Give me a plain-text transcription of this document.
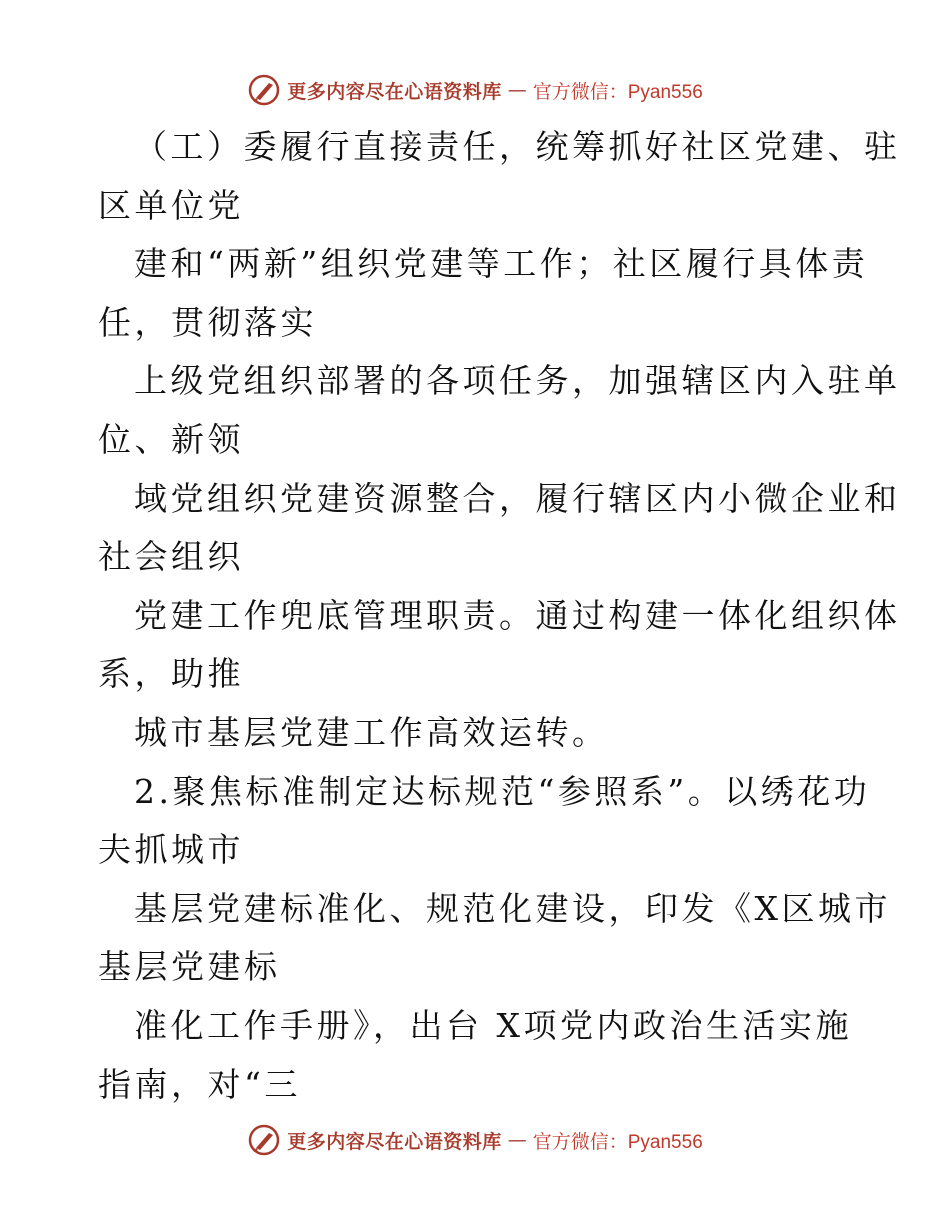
更多内容尽在心语资料库 — 官方微信：Pyan556
（工）委履行直接责任，统筹抓好社区党建、驻
区单位党
建和“两新”组织党建等工作；社区履行具体责
任，贯彻落实
上级党组织部署的各项任务，加强辖区内入驻单
位、新领
域党组织党建资源整合，履行辖区内小微企业和
社会组织
党建工作兜底管理职责。通过构建一体化组织体
系，助推
城市基层党建工作高效运转。
2.聚焦标准制定达标规范“参照系”。以绣花功
夫抓城市
基层党建标准化、规范化建设，印发《X区城市
基层党建标
准化工作手册》，出台 X项党内政治生活实施
指南，对“三
更多内容尽在心语资料库 — 官方微信：Pyan556
